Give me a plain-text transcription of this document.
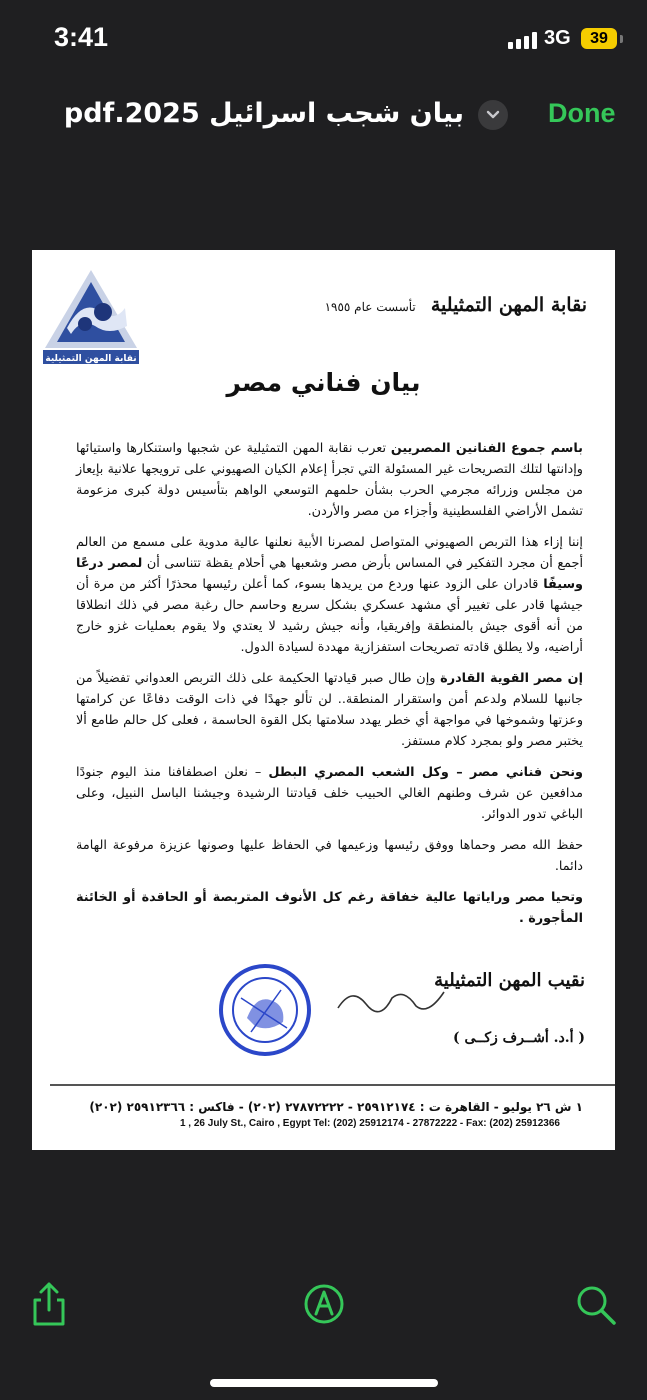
3:41	3G	39
بيان شجب اسرائيل 2025.pdf	Done
نقابة المهن التمثيلية
نقابة المهن التمثيلية تأسست عام ١٩٥٥
بيان فناني مصر

باسم جموع الفنانين المصريين تعرب نقابة المهن التمثيلية عن شجبها واستنكارها واستيائها وإدانتها لتلك التصريحات غير المسئولة التي تجرأ إعلام الكيان الصهيوني على ترويجها علانية بإيعاز من مجلس وزرائه مجرمي الحرب بشأن حلمهم التوسعي الواهم بتأسيس دولة كبرى مزعومة تشمل الأراضي الفلسطينية وأجزاء من مصر والأردن.

إننا إزاء هذا التربص الصهيوني المتواصل لمصرنا الأبية نعلنها عالية مدوية على مسمع من العالم أجمع أن مجرد التفكير في المساس بأرض مصر وشعبها هي أحلام يقظة تتناسى أن لمصر درعًا وسيفًا قادران على الزود عنها وردع من يريدها بسوء، كما أعلن رئيسها محذرًا أكثر من مرة أن جيشها قادر على تغيير أي مشهد عسكري بشكل سريع وحاسم حال رغبة مصر في ذلك انطلاقا من أنه أقوى جيش بالمنطقة وإفريقيا، وأنه جيش رشيد لا يعتدي ولا يقوم بعمليات غزو خارج أراضيه، ولا يطلق قادته تصريحات استفزازية مهددة لسيادة الدول.

إن مصر القوية القادرة وإن طال صبر قيادتها الحكيمة على ذلك التربص العدواني تفضيلاً من جانبها للسلام ولدعم أمن واستقرار المنطقة.. لن تألو جهدًا في ذات الوقت دفاعًا عن كرامتها وعزتها وشموخها في مواجهة أي خطر يهدد سلامتها بكل القوة الحاسمة ، فعلى كل حالم طامع ألا يختبر مصر ولو بمجرد كلام مستفز.

ونحن فناني مصر – وكل الشعب المصري البطل – نعلن اصطفافنا منذ اليوم جنودًا مدافعين عن شرف وطنهم الغالي الحبيب خلف قيادتنا الرشيدة وجيشنا الباسل النبيل، وعلى الباغي تدور الدوائر.

حفظ الله مصر وحماها ووفق رئيسها وزعيمها في الحفاظ عليها وصونها عزيزة مرفوعة الهامة دائما.

وتحيا مصر وراياتها عالية خفاقة رغم كل الأنوف المتربصة أو الحاقدة أو الخائنة المأجورة .

نقيب المهن التمثيلية
( أ.د. أشــرف زكــى )
١ ش ٢٦ يوليو - القاهرة ت : ٢٥٩١٢١٧٤ - ٢٧٨٧٢٢٢٢ (٢٠٢) - فاكس : ٢٥٩١٢٣٦٦ (٢٠٢)
1 , 26 July St., Cairo , Egypt Tel: (202) 25912174 - 27872222 - Fax: (202) 25912366
